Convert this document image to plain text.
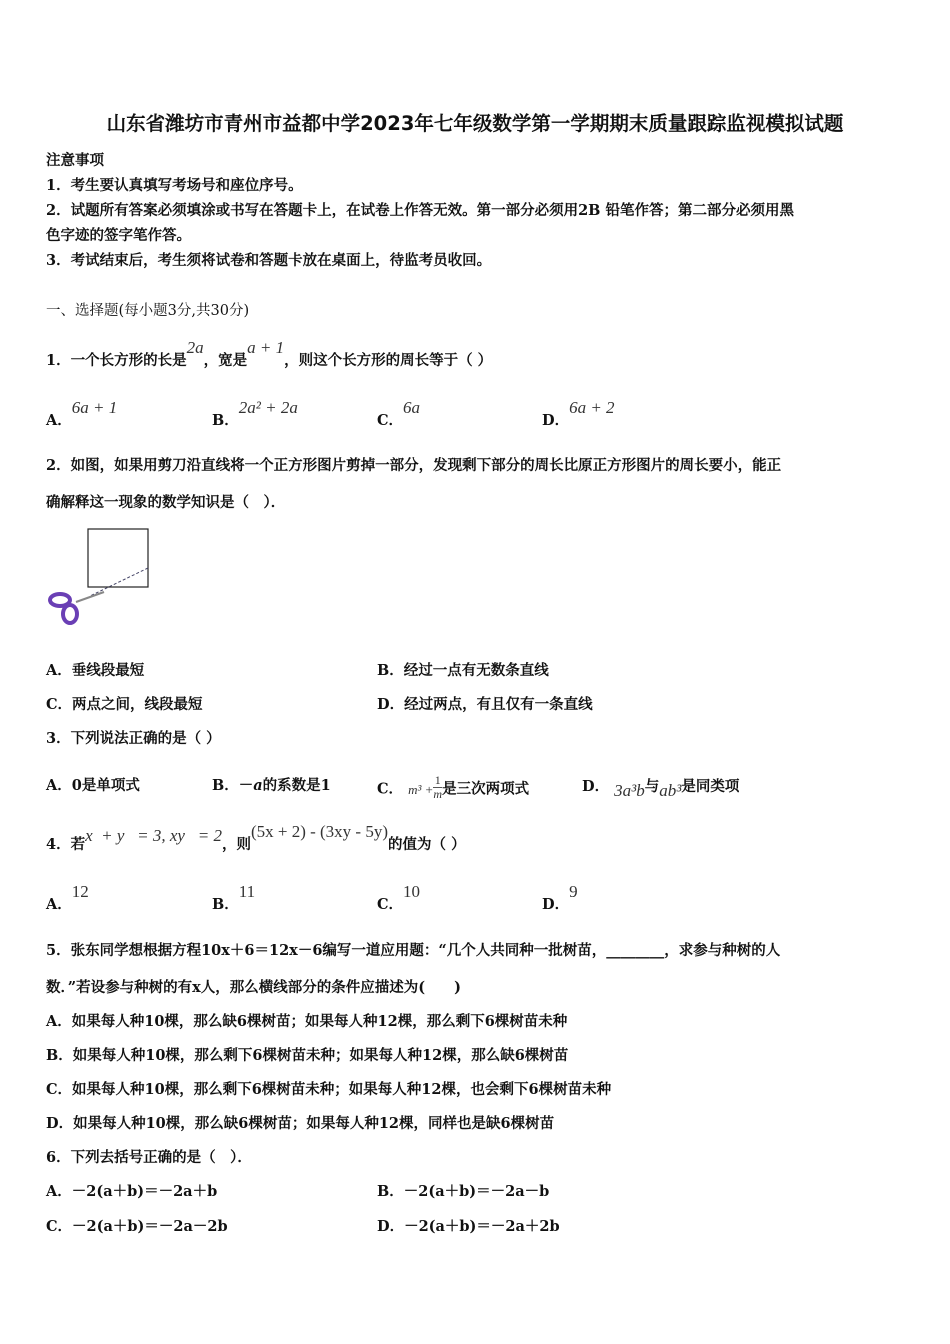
山东省潍坊市青州市益都中学2023年七年级数学第一学期期末质量跟踪监视模拟试题
注意事项
1．考生要认真填写考场号和座位序号。
2．试题所有答案必须填涂或书写在答题卡上，在试卷上作答无效。第一部分必须用2B 铅笔作答；第二部分必须用黑
色字迹的签字笔作答。
3．考试结束后，考生须将试卷和答题卡放在桌面上，待监考员收回。
一、选择题(每小题3分,共30分)
1．一个长方形的长是2a，宽是a + 1，则这个长方形的周长等于（ ）
A．6a + 1
B．2a² + 2a
C．6a
D．6a + 2
2．如图，如果用剪刀沿直线将一个正方形图片剪掉一部分，发现剩下部分的周长比原正方形图片的周长要小，能正
确解释这一现象的数学知识是（　）．
A．垂线段最短	B．经过一点有无数条直线
C．两点之间，线段最短	D．经过两点，有且仅有一条直线
3．下列说法正确的是（ ）
A．0是单项式	B．－a的系数是1	C． $m^3 + \frac{1}{m}$ 是三次两项式	D． 3a³b与ab³是同类项
4．若x  + y   = 3, xy   = 2，则(5x + 2) - (3xy - 5y)的值为（ ）
A．12
B．11
C．10
D．9
5．张东同学想根据方程10x＋6＝12x－6编写一道应用题：“几个人共同种一批树苗，________，求参与种树的人
数．”若设参与种树的有x人，那么横线部分的条件应描述为(　　)
A．如果每人种10棵，那么缺6棵树苗；如果每人种12棵，那么剩下6棵树苗未种
B．如果每人种10棵，那么剩下6棵树苗未种；如果每人种12棵，那么缺6棵树苗
C．如果每人种10棵，那么剩下6棵树苗未种；如果每人种12棵，也会剩下6棵树苗未种
D．如果每人种10棵，那么缺6棵树苗；如果每人种12棵，同样也是缺6棵树苗
6．下列去括号正确的是（　）．
A．－2(a＋b)＝－2a＋b	B．－2(a＋b)＝－2a－b
C．－2(a＋b)＝－2a－2b	D．－2(a＋b)＝－2a＋2b
